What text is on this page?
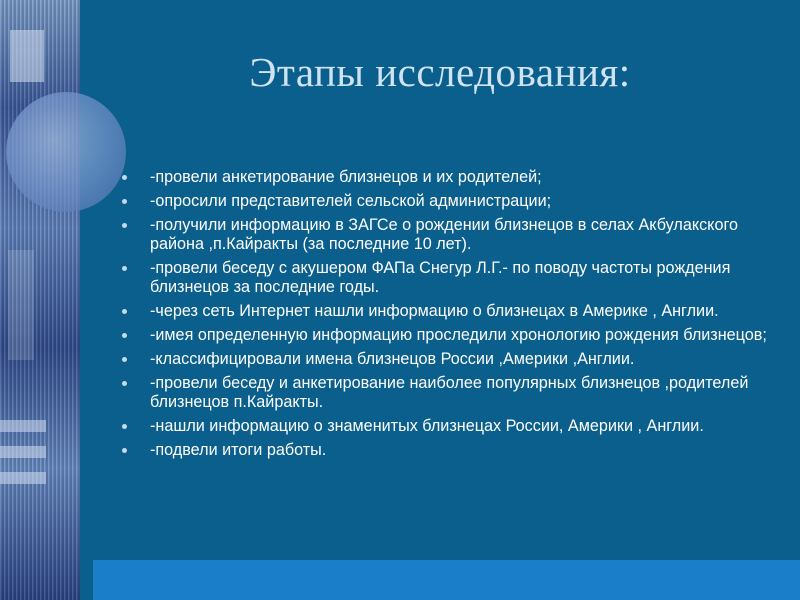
Этапы исследования:
-провели анкетирование близнецов и их родителей;
-опросили представителей сельской администрации;
-получили информацию в ЗАГСе о рождении близнецов в селах Акбулакского района ,п.Кайракты (за последние 10 лет).
-провели беседу с акушером ФАПа Снегур Л.Г.- по поводу частоты рождения близнецов за последние годы.
-через сеть Интернет нашли информацию о близнецах в Америке , Англии.
-имея определенную информацию проследили хронологию рождения близнецов;
-классифицировали имена близнецов России ,Америки ,Англии.
-провели беседу и анкетирование наиболее популярных близнецов ,родителей близнецов п.Кайракты.
-нашли информацию о знаменитых близнецах России, Америки , Англии.
-подвели итоги работы.
